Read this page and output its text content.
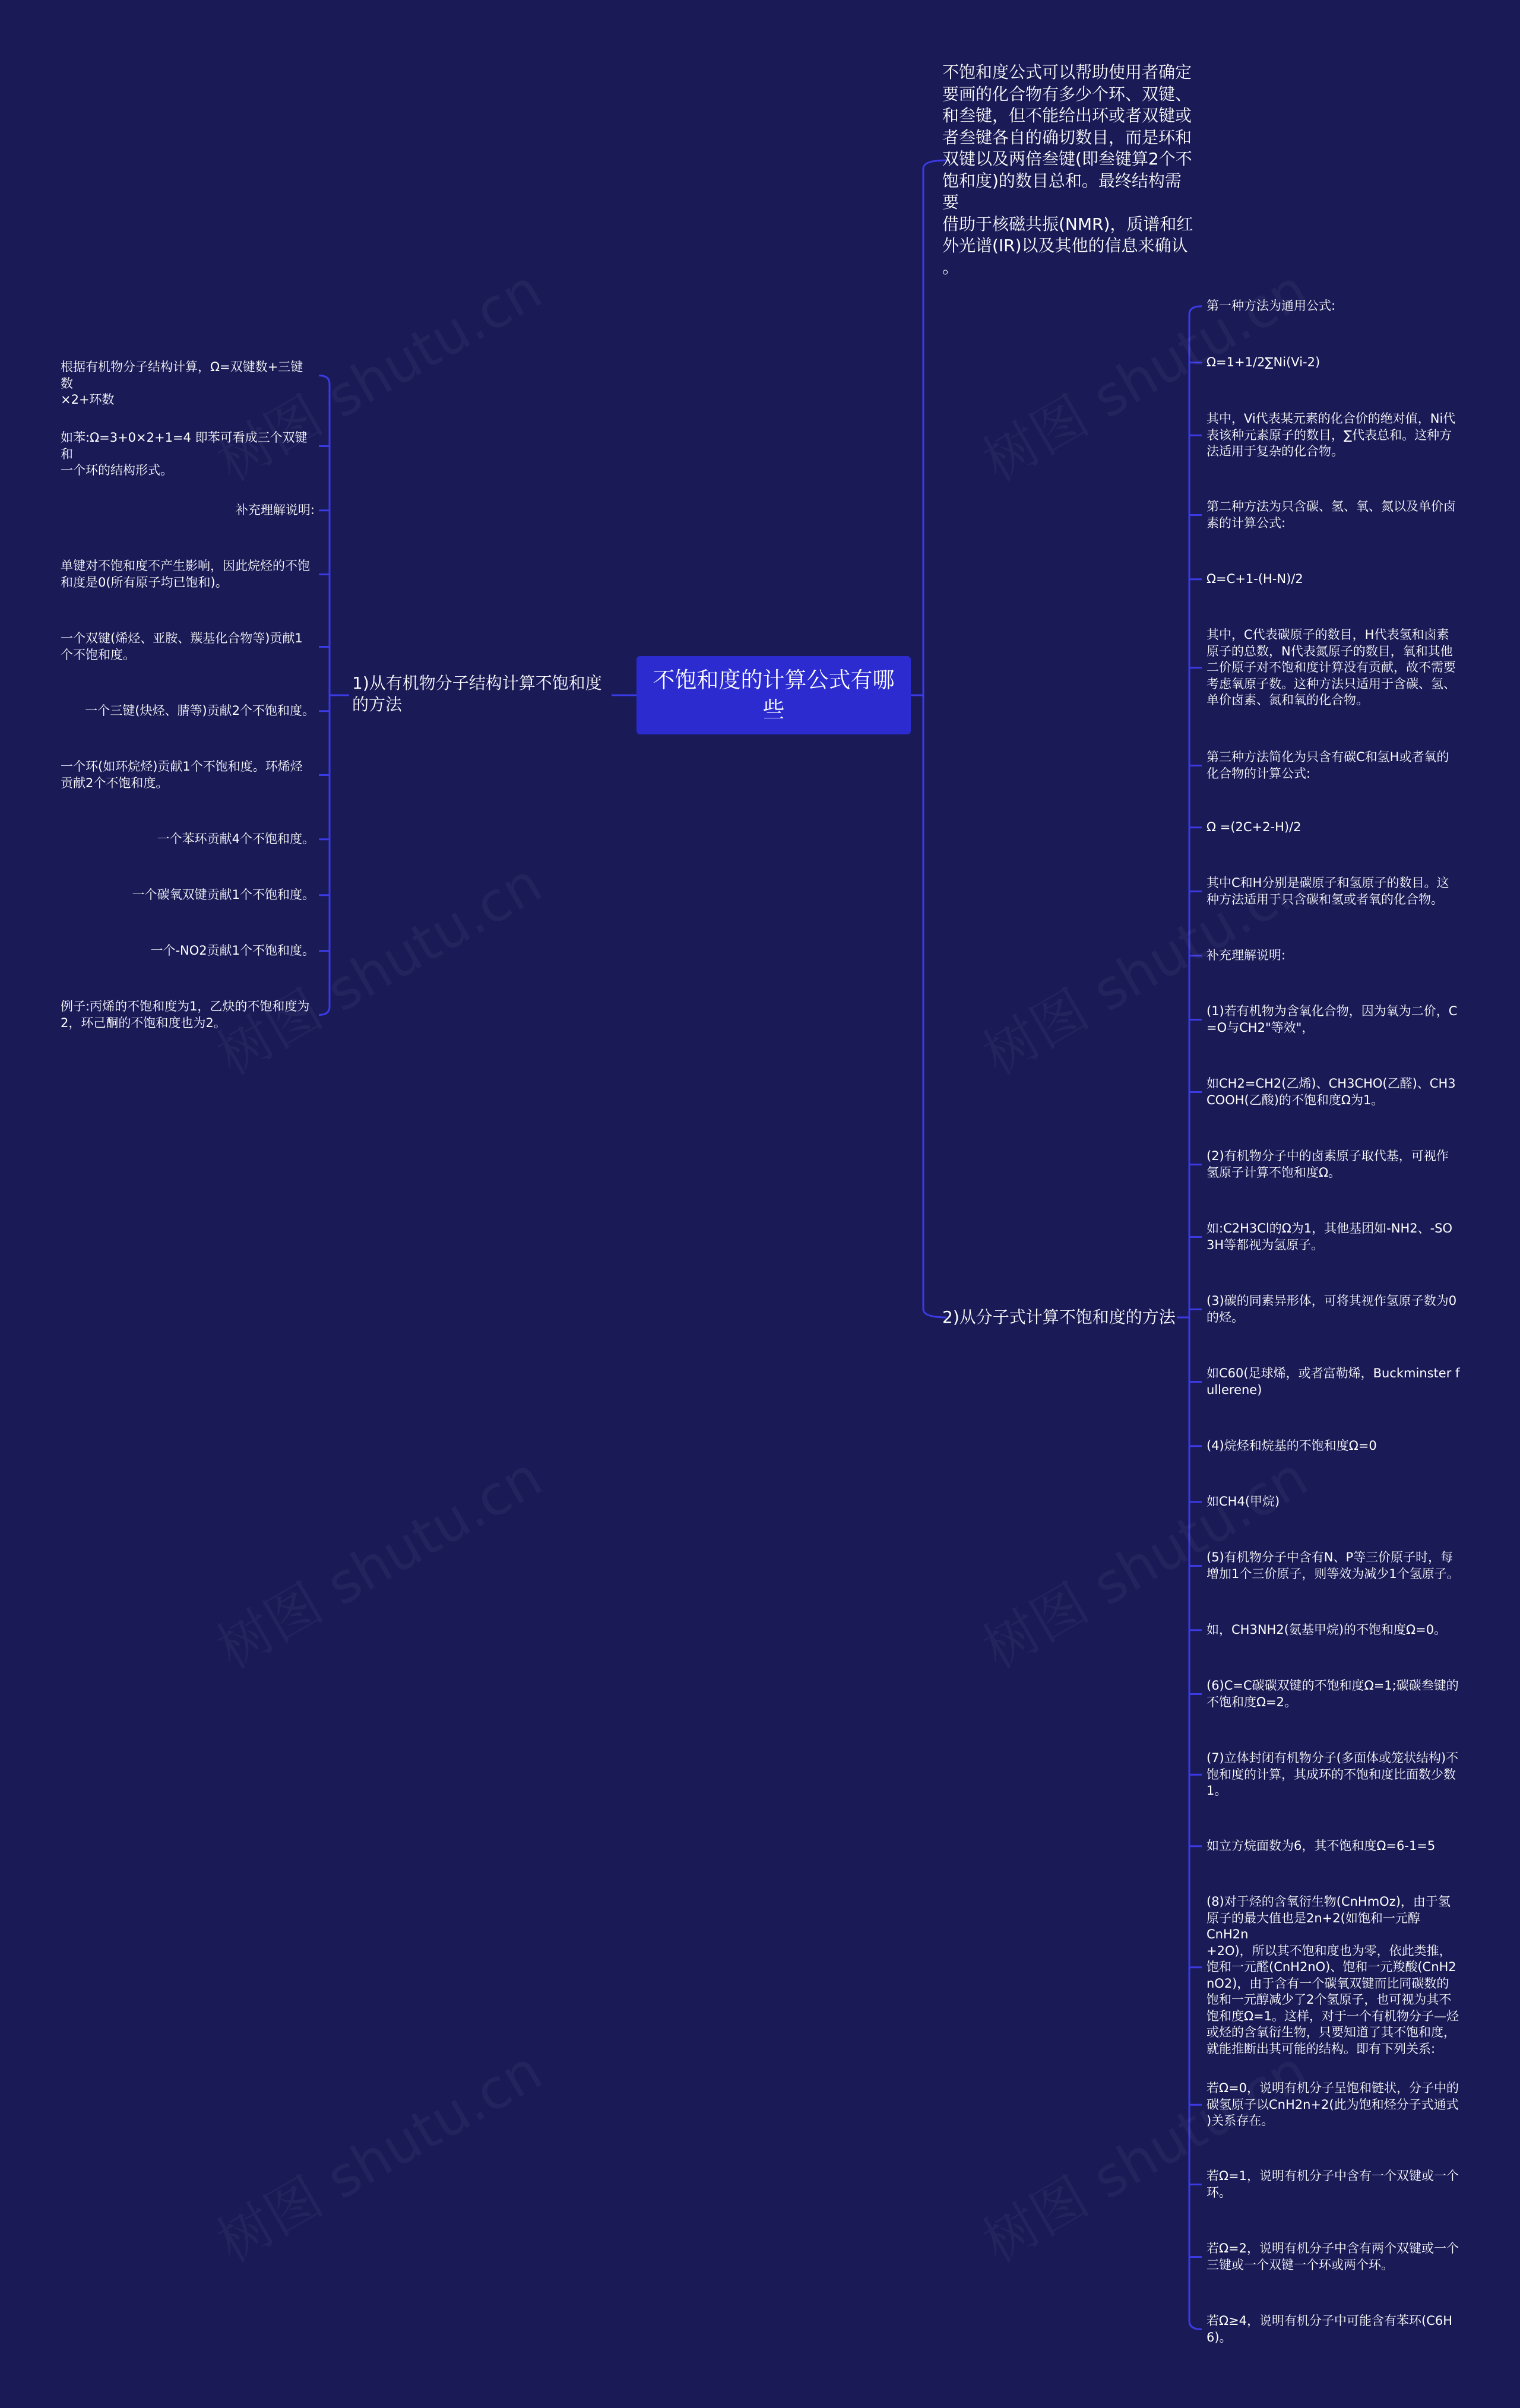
不饱和度的计算公式有哪
些
不饱和度公式可以帮助使用者确定
要画的化合物有多少个环、双键、
和叁键，但不能给出环或者双键或
者叁键各自的确切数目，而是环和
双键以及两倍叁键(即叁键算2个不
饱和度)的数目总和。最终结构需要
借助于核磁共振(NMR)，质谱和红
外光谱(IR)以及其他的信息来确认
。
1)从有机物分子结构计算不饱和度
的方法
2)从分子式计算不饱和度的方法
根据有机物分子结构计算，Ω=双键数+三键数
×2+环数
如苯:Ω=3+0×2+1=4 即苯可看成三个双键和
一个环的结构形式。
补充理解说明:
单键对不饱和度不产生影响，因此烷烃的不饱
和度是0(所有原子均已饱和)。
一个双键(烯烃、亚胺、羰基化合物等)贡献1
个不饱和度。
一个三键(炔烃、腈等)贡献2个不饱和度。
一个环(如环烷烃)贡献1个不饱和度。环烯烃
贡献2个不饱和度。
一个苯环贡献4个不饱和度。
一个碳氧双键贡献1个不饱和度。
一个-NO2贡献1个不饱和度。
例子:丙烯的不饱和度为1，乙炔的不饱和度为
2，环己酮的不饱和度也为2。
第一种方法为通用公式:
Ω=1+1/2∑Ni(Vi-2)
其中，Vi代表某元素的化合价的绝对值，Ni代
表该种元素原子的数目，∑代表总和。这种方
法适用于复杂的化合物。
第二种方法为只含碳、氢、氧、氮以及单价卤
素的计算公式:
Ω=C+1-(H-N)/2
其中，C代表碳原子的数目，H代表氢和卤素
原子的总数，N代表氮原子的数目，氧和其他
二价原子对不饱和度计算没有贡献，故不需要
考虑氧原子数。这种方法只适用于含碳、氢、
单价卤素、氮和氧的化合物。
第三种方法简化为只含有碳C和氢H或者氧的
化合物的计算公式:
Ω =(2C+2-H)/2
其中C和H分别是碳原子和氢原子的数目。这
种方法适用于只含碳和氢或者氧的化合物。
补充理解说明:
(1)若有机物为含氧化合物，因为氧为二价，C
=O与CH2"等效"，
如CH2=CH2(乙烯)、CH3CHO(乙醛)、CH3
COOH(乙酸)的不饱和度Ω为1。
(2)有机物分子中的卤素原子取代基，可视作
氢原子计算不饱和度Ω。
如:C2H3Cl的Ω为1，其他基团如-NH2、-SO
3H等都视为氢原子。
(3)碳的同素异形体，可将其视作氢原子数为0
的烃。
如C60(足球烯，或者富勒烯，Buckminster f
ullerene)
(4)烷烃和烷基的不饱和度Ω=0
如CH4(甲烷)
(5)有机物分子中含有N、P等三价原子时，每
增加1个三价原子，则等效为减少1个氢原子。
如，CH3NH2(氨基甲烷)的不饱和度Ω=0。
(6)C=C碳碳双键的不饱和度Ω=1;碳碳叁键的
不饱和度Ω=2。
(7)立体封闭有机物分子(多面体或笼状结构)不
饱和度的计算，其成环的不饱和度比面数少数
1。
如立方烷面数为6，其不饱和度Ω=6-1=5
(8)对于烃的含氧衍生物(CnHmOz)，由于氢
原子的最大值也是2n+2(如饱和一元醇CnH2n
+2O)，所以其不饱和度也为零，依此类推，
饱和一元醛(CnH2nO)、饱和一元羧酸(CnH2
nO2)，由于含有一个碳氧双键而比同碳数的
饱和一元醇减少了2个氢原子，也可视为其不
饱和度Ω=1。这样，对于一个有机物分子—烃
或烃的含氧衍生物，只要知道了其不饱和度，
就能推断出其可能的结构。即有下列关系:
若Ω=0，说明有机分子呈饱和链状，分子中的
碳氢原子以CnH2n+2(此为饱和烃分子式通式
)关系存在。
若Ω=1，说明有机分子中含有一个双键或一个
环。
若Ω=2，说明有机分子中含有两个双键或一个
三键或一个双键一个环或两个环。
若Ω≥4，说明有机分子中可能含有苯环(C6H
6)。
